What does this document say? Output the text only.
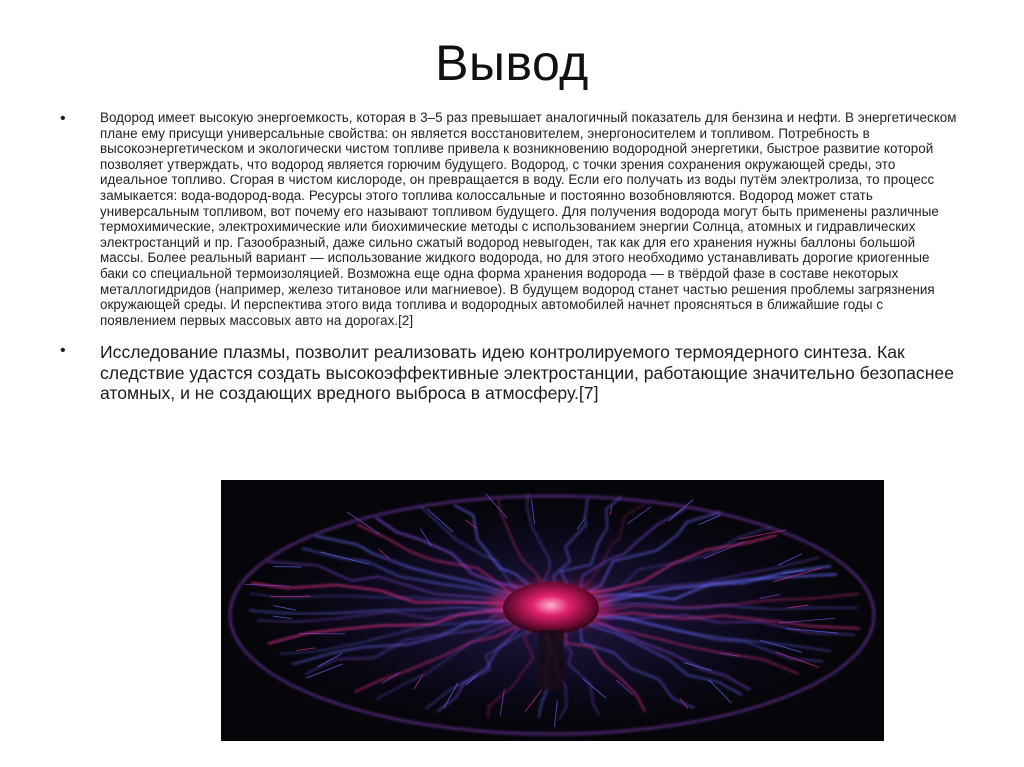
Вывод
•	Водород имеет высокую энергоемкость, которая в 3–5 раз превышает аналогичный показатель для бензина и нефти. В энергетическом плане ему присущи универсальные свойства: он является восстановителем, энергоносителем и топливом. Потребность в высокоэнергетическом и экологически чистом топливе привела к возникновению водородной энергетики, быстрое развитие которой позволяет утверждать, что водород является горючим будущего. Водород, с точки зрения сохранения окружающей среды, это идеальное топливо. Сгорая в чистом кислороде, он превращается в воду. Если его получать из воды путём электролиза, то процесс замыкается: вода-водород-вода. Ресурсы этого топлива колоссальные и постоянно возобновляются. Водород может стать универсальным топливом, вот почему его называют топливом будущего. Для получения водорода могут быть применены различные термохимические, электрохимические или биохимические методы с использованием энергии Солнца, атомных и гидравлических электростанций и пр. Газообразный, даже сильно сжатый водород невыгоден, так как для его хранения нужны баллоны большой массы. Более реальный вариант — использование жидкого водорода, но для этого необходимо устанавливать дорогие криогенные баки со специальной термоизоляцией. Возможна еще одна форма хранения водорода — в твёрдой фазе в составе некоторых металлогидридов (например, железо титановое или магниевое). В будущем водород станет частью решения проблемы загрязнения окружающей среды. И перспектива этого вида топлива и водородных автомобилей начнет проясняться в ближайшие годы с появлением первых массовых авто на дорогах.[2]
• Исследование плазмы, позволит реализовать идею контролируемого термоядерного синтеза. Как следствие удастся создать высокоэффективные электростанции, работающие значительно безопаснее атомных, и не создающих вредного выброса в атмосферу.[7]
